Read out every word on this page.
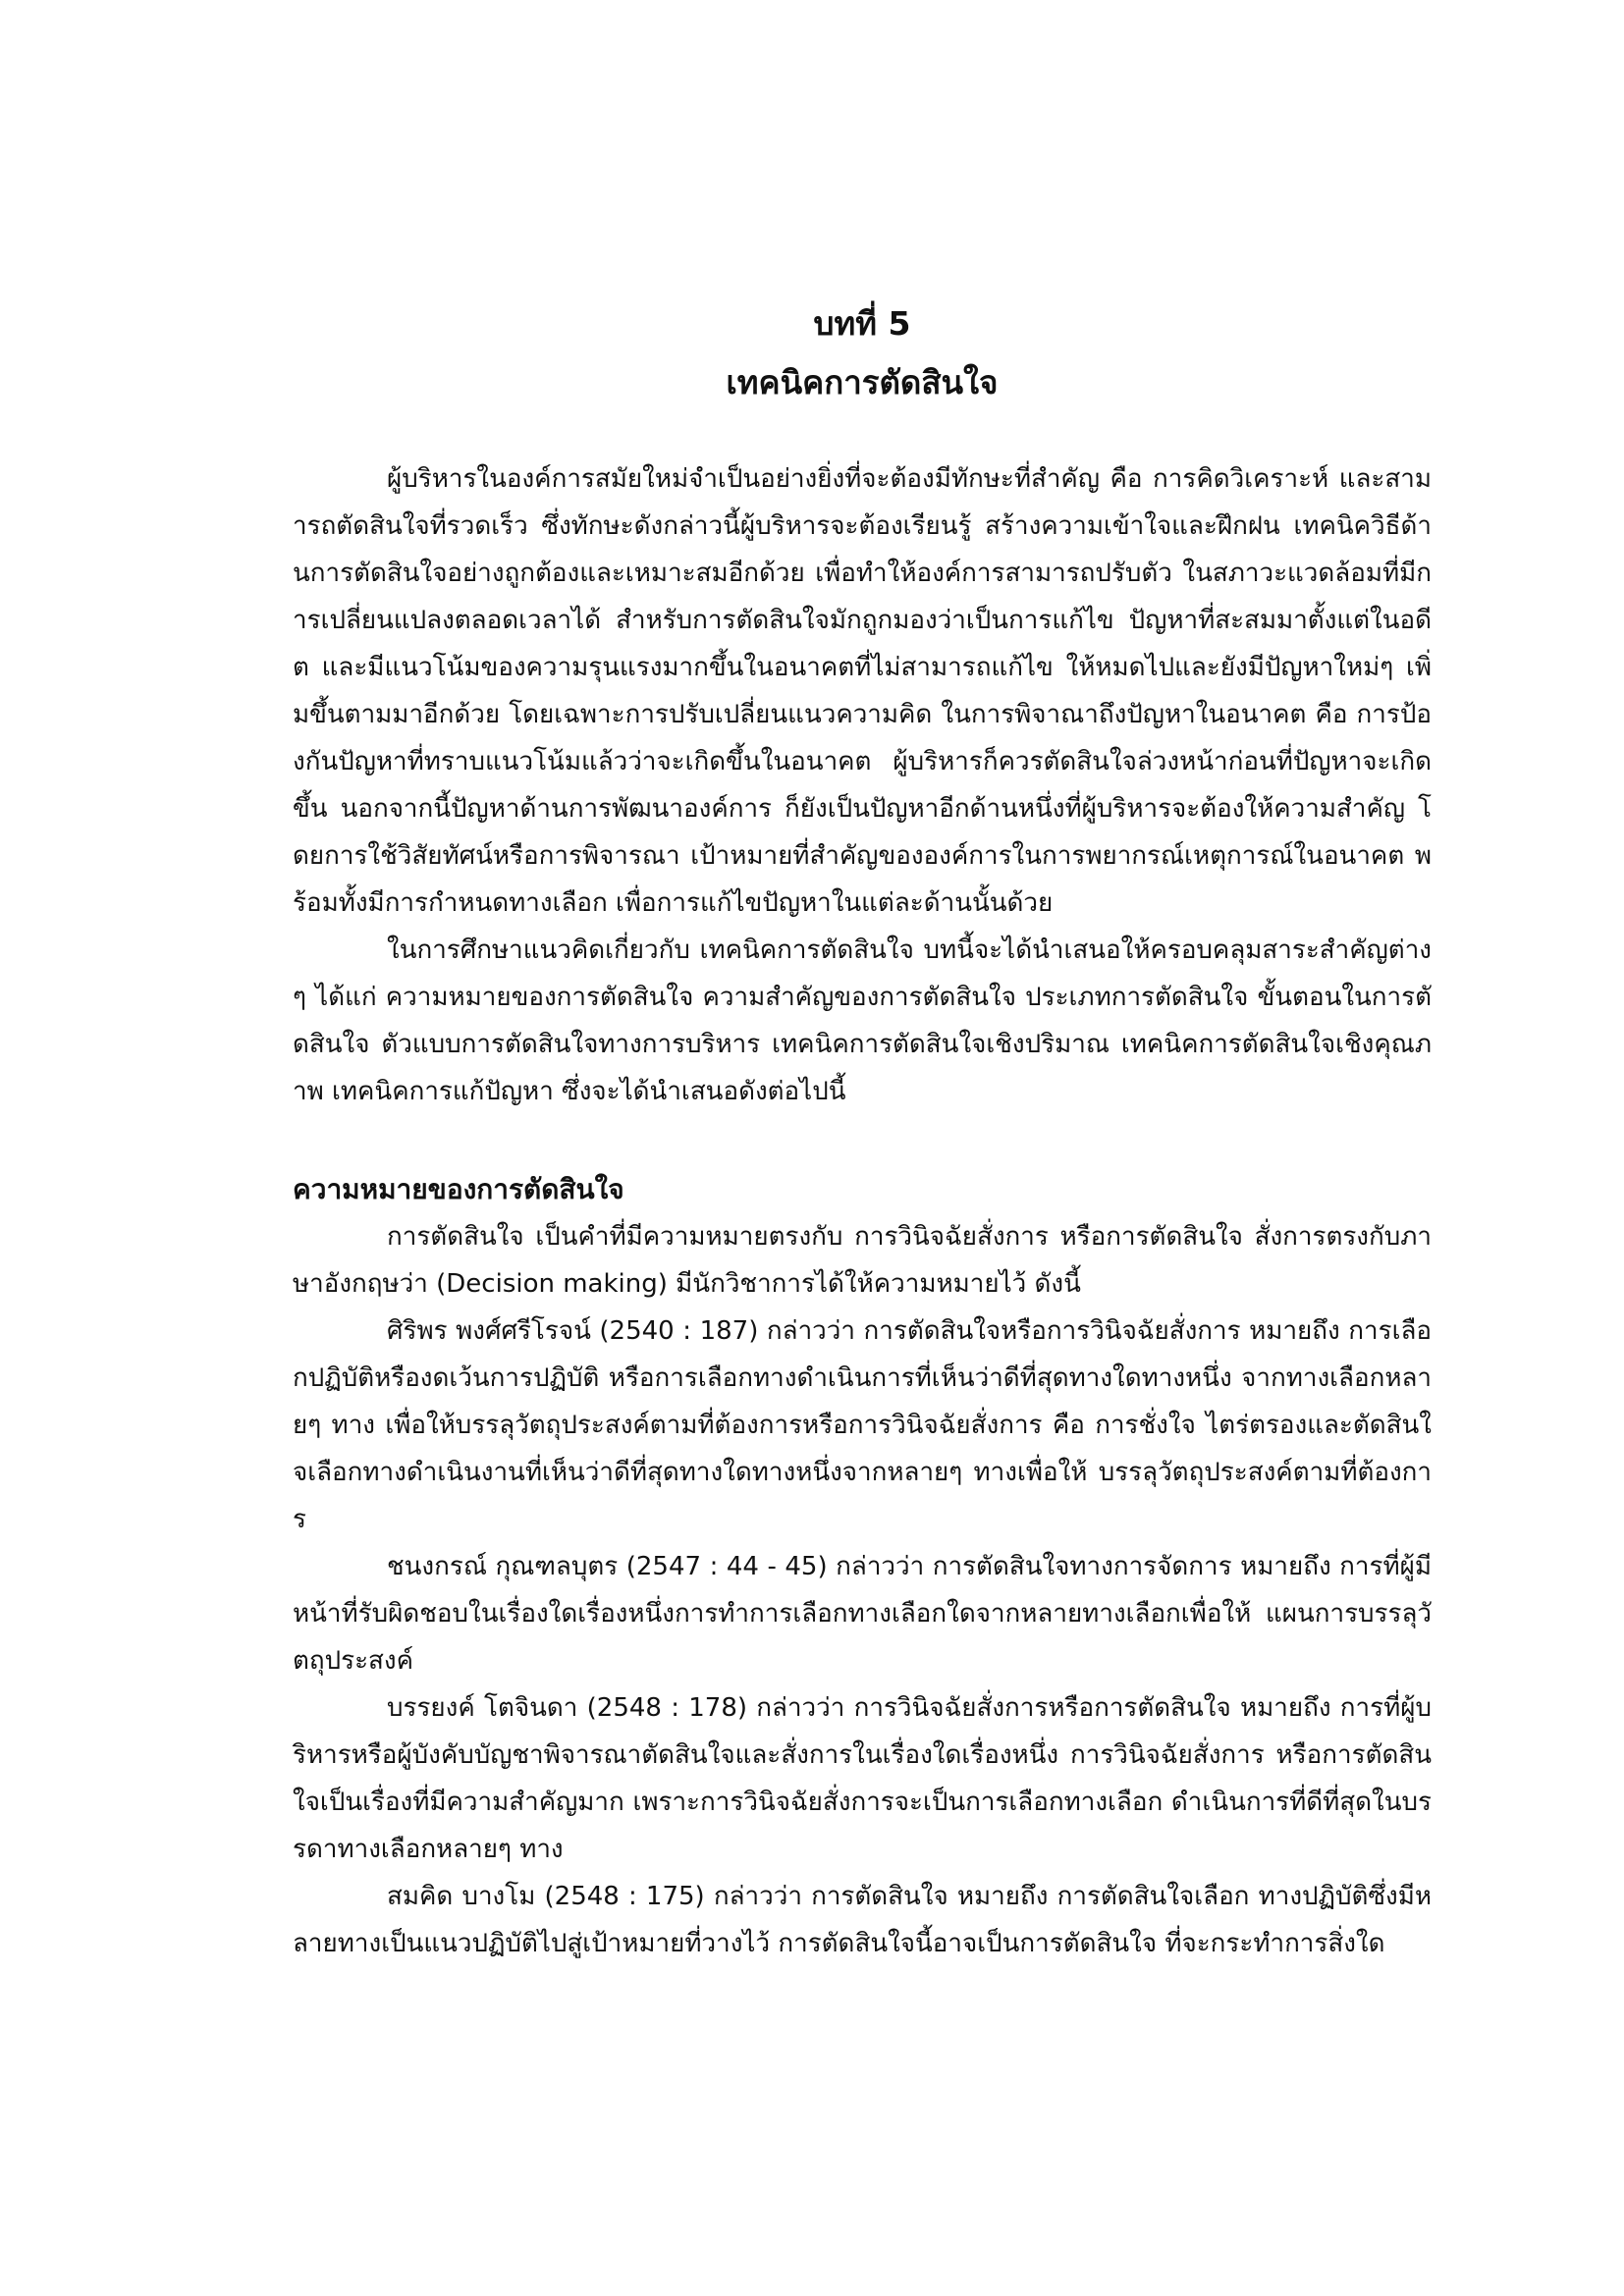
บทที่ 5
เทคนิคการตัดสินใจ

ผู้บริหารในองค์การสมัยใหม่จำเป็นอย่างยิ่งที่จะต้องมีทักษะที่สำคัญ คือ การคิดวิเคราะห์ และสามารถตัดสินใจที่รวดเร็ว ซึ่งทักษะดังกล่าวนี้ผู้บริหารจะต้องเรียนรู้ สร้างความเข้าใจและฝึกฝน เทคนิควิธีด้านการตัดสินใจอย่างถูกต้องและเหมาะสมอีกด้วย เพื่อทำให้องค์การสามารถปรับตัว ในสภาวะแวดล้อมที่มีการเปลี่ยนแปลงตลอดเวลาได้ สำหรับการตัดสินใจมักถูกมองว่าเป็นการแก้ไข ปัญหาที่สะสมมาตั้งแต่ในอดีต และมีแนวโน้มของความรุนแรงมากขึ้นในอนาคตที่ไม่สามารถแก้ไข ให้หมดไปและยังมีปัญหาใหม่ๆ เพิ่มขึ้นตามมาอีกด้วย โดยเฉพาะการปรับเปลี่ยนแนวความคิด ในการพิจาณาถึงปัญหาในอนาคต คือ การป้องกันปัญหาที่ทราบแนวโน้มแล้วว่าจะเกิดขึ้นในอนาคต ผู้บริหารก็ควรตัดสินใจล่วงหน้าก่อนที่ปัญหาจะเกิดขึ้น นอกจากนี้ปัญหาด้านการพัฒนาองค์การ ก็ยังเป็นปัญหาอีกด้านหนึ่งที่ผู้บริหารจะต้องให้ความสำคัญ โดยการใช้วิสัยทัศน์หรือการพิจารณา เป้าหมายที่สำคัญขององค์การในการพยากรณ์เหตุการณ์ในอนาคต พร้อมทั้งมีการกำหนดทางเลือก เพื่อการแก้ไขปัญหาในแต่ละด้านนั้นด้วย

ในการศึกษาแนวคิดเกี่ยวกับ เทคนิคการตัดสินใจ บทนี้จะได้นำเสนอให้ครอบคลุมสาระสำคัญต่าง ๆ ได้แก่ ความหมายของการตัดสินใจ ความสำคัญของการตัดสินใจ ประเภทการตัดสินใจ ขั้นตอนในการตัดสินใจ ตัวแบบการตัดสินใจทางการบริหาร เทคนิคการตัดสินใจเชิงปริมาณ เทคนิคการตัดสินใจเชิงคุณภาพ เทคนิคการแก้ปัญหา ซึ่งจะได้นำเสนอดังต่อไปนี้

ความหมายของการตัดสินใจ

การตัดสินใจ เป็นคำที่มีความหมายตรงกับ การวินิจฉัยสั่งการ หรือการตัดสินใจ สั่งการตรงกับภาษาอังกฤษว่า (Decision making) มีนักวิชาการได้ให้ความหมายไว้ ดังนี้

ศิริพร พงศ์ศรีโรจน์ (2540 : 187) กล่าวว่า การตัดสินใจหรือการวินิจฉัยสั่งการ หมายถึง การเลือกปฏิบัติหรืองดเว้นการปฏิบัติ หรือการเลือกทางดำเนินการที่เห็นว่าดีที่สุดทางใดทางหนึ่ง จากทางเลือกหลายๆ ทาง เพื่อให้บรรลุวัตถุประสงค์ตามที่ต้องการหรือการวินิจฉัยสั่งการ คือ การชั่งใจ ไตร่ตรองและตัดสินใจเลือกทางดำเนินงานที่เห็นว่าดีที่สุดทางใดทางหนึ่งจากหลายๆ ทางเพื่อให้ บรรลุวัตถุประสงค์ตามที่ต้องการ

ชนงกรณ์ กุณฑลบุตร (2547 : 44 - 45) กล่าวว่า การตัดสินใจทางการจัดการ หมายถึง การที่ผู้มีหน้าที่รับผิดชอบในเรื่องใดเรื่องหนึ่งการทำการเลือกทางเลือกใดจากหลายทางเลือกเพื่อให้ แผนการบรรลุวัตถุประสงค์

บรรยงค์ โตจินดา (2548 : 178) กล่าวว่า การวินิจฉัยสั่งการหรือการตัดสินใจ หมายถึง การที่ผู้บริหารหรือผู้บังคับบัญชาพิจารณาตัดสินใจและสั่งการในเรื่องใดเรื่องหนึ่ง การวินิจฉัยสั่งการ หรือการตัดสินใจเป็นเรื่องที่มีความสำคัญมาก เพราะการวินิจฉัยสั่งการจะเป็นการเลือกทางเลือก ดำเนินการที่ดีที่สุดในบรรดาทางเลือกหลายๆ ทาง

สมคิด บางโม (2548 : 175) กล่าวว่า การตัดสินใจ หมายถึง การตัดสินใจเลือก ทางปฏิบัติซึ่งมีหลายทางเป็นแนวปฏิบัติไปสู่เป้าหมายที่วางไว้ การตัดสินใจนี้อาจเป็นการตัดสินใจ ที่จะกระทำการสิ่งใด
